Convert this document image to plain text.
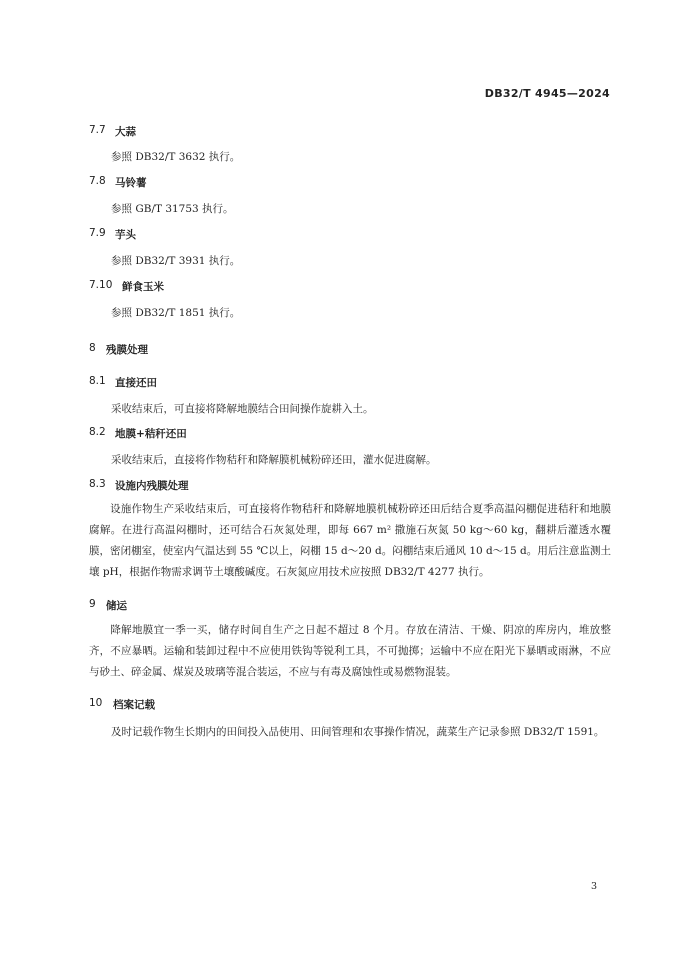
DB32/T 4945—2024
7.7 大蒜
参照 DB32/T 3632 执行。
7.8 马铃薯
参照 GB/T 31753 执行。
7.9 芋头
参照 DB32/T 3931 执行。
7.10 鲜食玉米
参照 DB32/T 1851 执行。
8 残膜处理
8.1 直接还田
采收结束后，可直接将降解地膜结合田间操作旋耕入土。
8.2 地膜+秸秆还田
采收结束后，直接将作物秸秆和降解膜机械粉碎还田，灌水促进腐解。
8.3 设施内残膜处理
设施作物生产采收结束后，可直接将作物秸秆和降解地膜机械粉碎还田后结合夏季高温闷棚促进秸秆和地膜腐解。在进行高温闷棚时，还可结合石灰氮处理，即每 667 m² 撒施石灰氮 50 kg～60 kg，翻耕后灌透水覆膜，密闭棚室，使室内气温达到 55 ℃以上，闷棚 15 d～20 d。闷棚结束后通风 10 d～15 d。用后注意监测土壤 pH，根据作物需求调节土壤酸碱度。石灰氮应用技术应按照 DB32/T 4277 执行。
9 储运
降解地膜宜一季一买，储存时间自生产之日起不超过 8 个月。存放在清洁、干燥、阴凉的库房内，堆放整齐，不应暴晒。运输和装卸过程中不应使用铁钩等锐利工具，不可抛掷；运输中不应在阳光下暴晒或雨淋，不应与砂土、碎金属、煤炭及玻璃等混合装运，不应与有毒及腐蚀性或易燃物混装。
10 档案记载
及时记载作物生长期内的田间投入品使用、田间管理和农事操作情况，蔬菜生产记录参照 DB32/T 1591。
3
